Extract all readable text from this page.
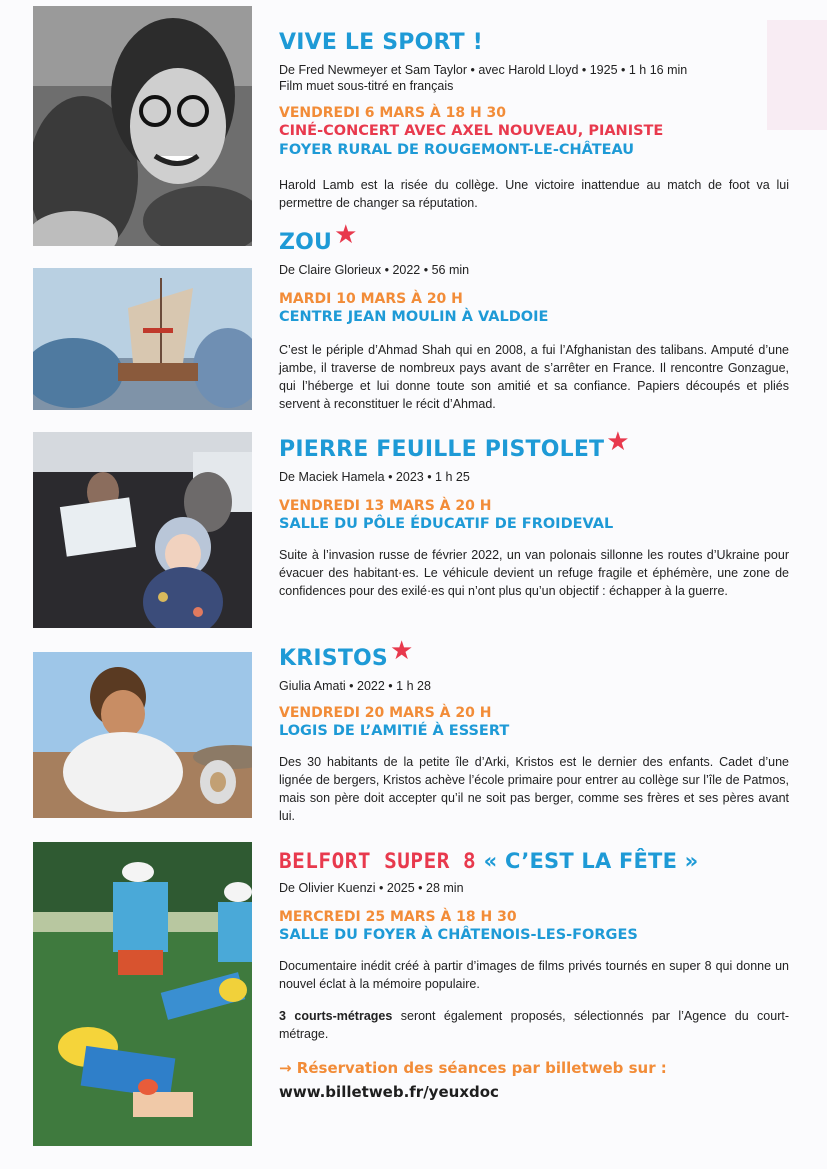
VIVE LE SPORT !
De Fred Newmeyer et Sam Taylor • avec Harold Lloyd • 1925 • 1 h 16 min
Film muet sous-titré en français
VENDREDI 6 MARS À 18 H 30
CINÉ-CONCERT AVEC AXEL NOUVEAU, PIANISTE
FOYER RURAL DE ROUGEMONT-LE-CHÂTEAU
Harold Lamb est la risée du collège. Une victoire inattendue au match de foot va lui permettre de changer sa réputation.
ZOU★
De Claire Glorieux • 2022 • 56 min
MARDI 10 MARS À 20 H
CENTRE JEAN MOULIN À VALDOIE
C’est le périple d’Ahmad Shah qui en 2008, a fui l’Afghanistan des talibans. Amputé d’une jambe, il traverse de nombreux pays avant de s’arrêter en France. Il rencontre Gonzague, qui l’héberge et lui donne toute son amitié et sa confiance. Papiers découpés et pliés servent à reconstituer le récit d’Ahmad.
PIERRE FEUILLE PISTOLET★
De Maciek Hamela • 2023 • 1 h 25
VENDREDI 13 MARS À 20 H
SALLE DU PÔLE ÉDUCATIF DE FROIDEVAL
Suite à l’invasion russe de février 2022, un van polonais sillonne les routes d’Ukraine pour évacuer des habitant·es. Le véhicule devient un refuge fragile et éphémère, une zone de confidences pour des exilé·es qui n’ont plus qu’un objectif : échapper à la guerre.
KRISTOS★
Giulia Amati • 2022 • 1 h 28
VENDREDI 20 MARS À 20 H
LOGIS DE L’AMITIÉ À ESSERT
Des 30 habitants de la petite île d’Arki, Kristos est le dernier des enfants. Cadet d’une lignée de bergers, Kristos achève l’école primaire pour entrer au collège sur l’île de Patmos, mais son père doit accepter qu’il ne soit pas berger, comme ses frères et ses pères avant lui.
BELFORT SUPER 8 « C’EST LA FÊTE »
De Olivier Kuenzi • 2025 • 28 min
MERCREDI 25 MARS À 18 H 30
SALLE DU FOYER À CHÂTENOIS-LES-FORGES
Documentaire inédit créé à partir d’images de films privés tournés en super 8 qui donne un nouvel éclat à la mémoire populaire.
3 courts-métrages seront également proposés, sélectionnés par l’Agence du court-métrage.
→ Réservation des séances par billetweb sur :
www.billetweb.fr/yeuxdoc
